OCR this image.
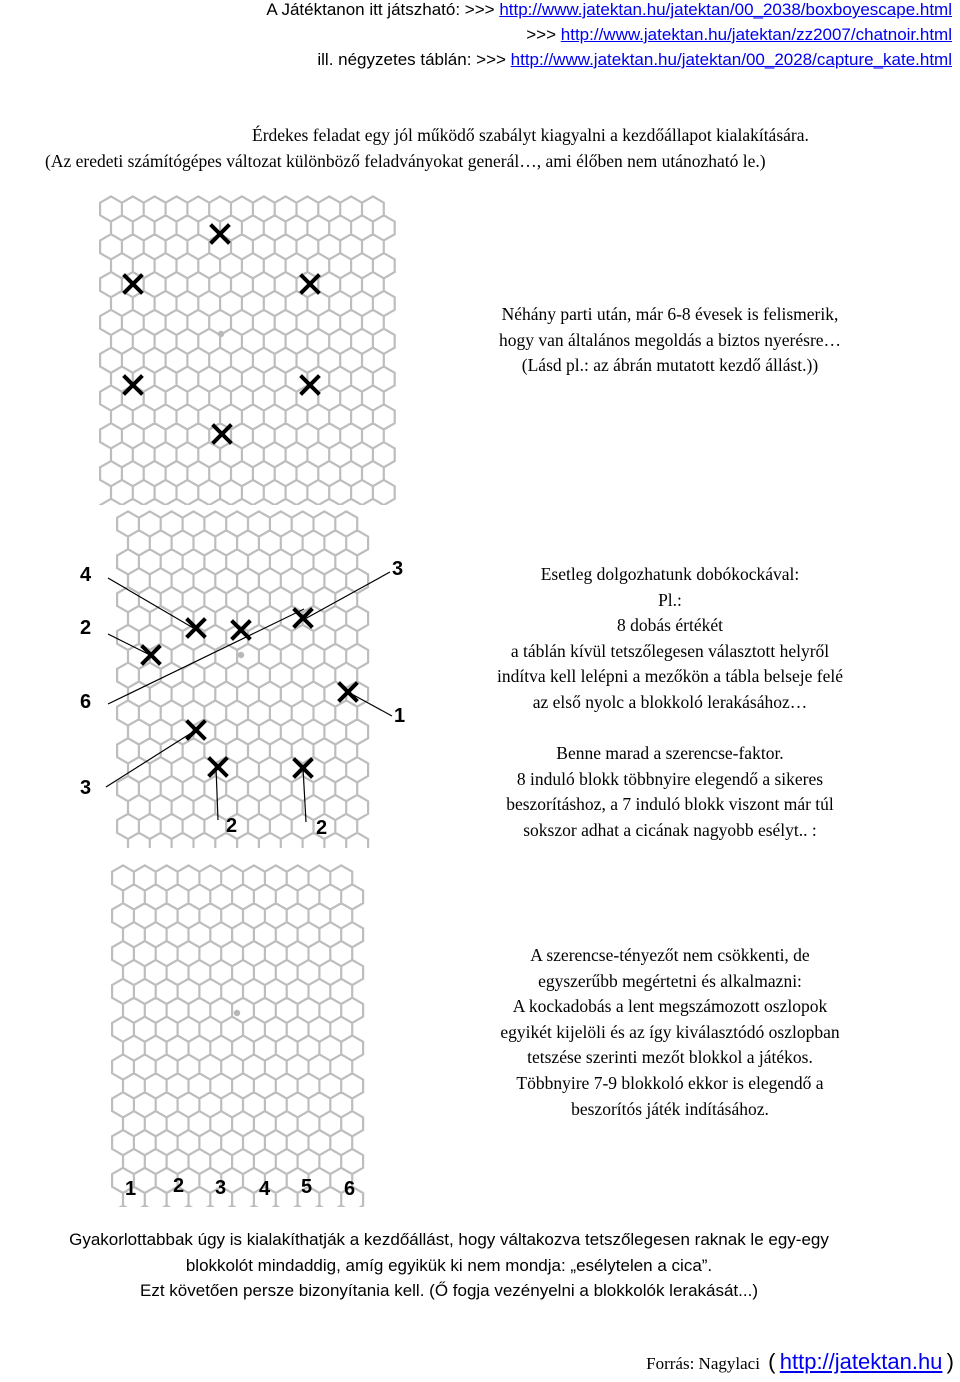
A Játéktanon itt játszható: >>> http://www.jatektan.hu/jatektan/00_2038/boxboyescape.html
>>> http://www.jatektan.hu/jatektan/zz2007/chatnoir.html
ill. négyzetes táblán: >>> http://www.jatektan.hu/jatektan/00_2028/capture_kate.html
Érdekes feladat egy jól működő szabályt kiagyalni a kezdőállapot kialakítására.
(Az eredeti számítógépes változat különböző feladványokat generál…, ami élőben nem utánozható le.)
Néhány parti után, már 6-8 évesek is felismerik,
hogy van általános megoldás a biztos nyerésre…
(Lásd pl.: az ábrán mutatott kezdő állást.))
4
2
6
3
3
1
2	2
Esetleg dolgozhatunk dobókockával:
Pl.:
8 dobás értékét
a táblán kívül tetszőlegesen választott helyről
indítva kell lelépni a mezőkön a tábla belseje felé
az első nyolc a blokkoló lerakásához…
Benne marad a szerencse-faktor.
8 induló blokk többnyire elegendő a sikeres
beszorításhoz, a 7 induló blokk viszont már túl
sokszor adhat a cicának nagyobb esélyt.. :
1 2 3 4 5 6
A szerencse-tényezőt nem csökkenti, de
egyszerűbb megértetni és alkalmazni:
A kockadobás a lent megszámozott oszlopok
egyikét kijelöli és az így kiválasztódó oszlopban
tetszése szerinti mezőt blokkol a játékos.
Többnyire 7-9 blokkoló ekkor is elegendő a
beszorítós játék indításához.
Gyakorlottabbak úgy is kialakíthatják a kezdőállást, hogy váltakozva tetszőlegesen raknak le egy-egy
blokkolót mindaddig, amíg egyikük ki nem mondja: „esélytelen a cica”.
Ezt követően persze bizonyítania kell. (Ő fogja vezényelni a blokkolók lerakását...)
Forrás: Nagylaci ( http://jatektan.hu )
